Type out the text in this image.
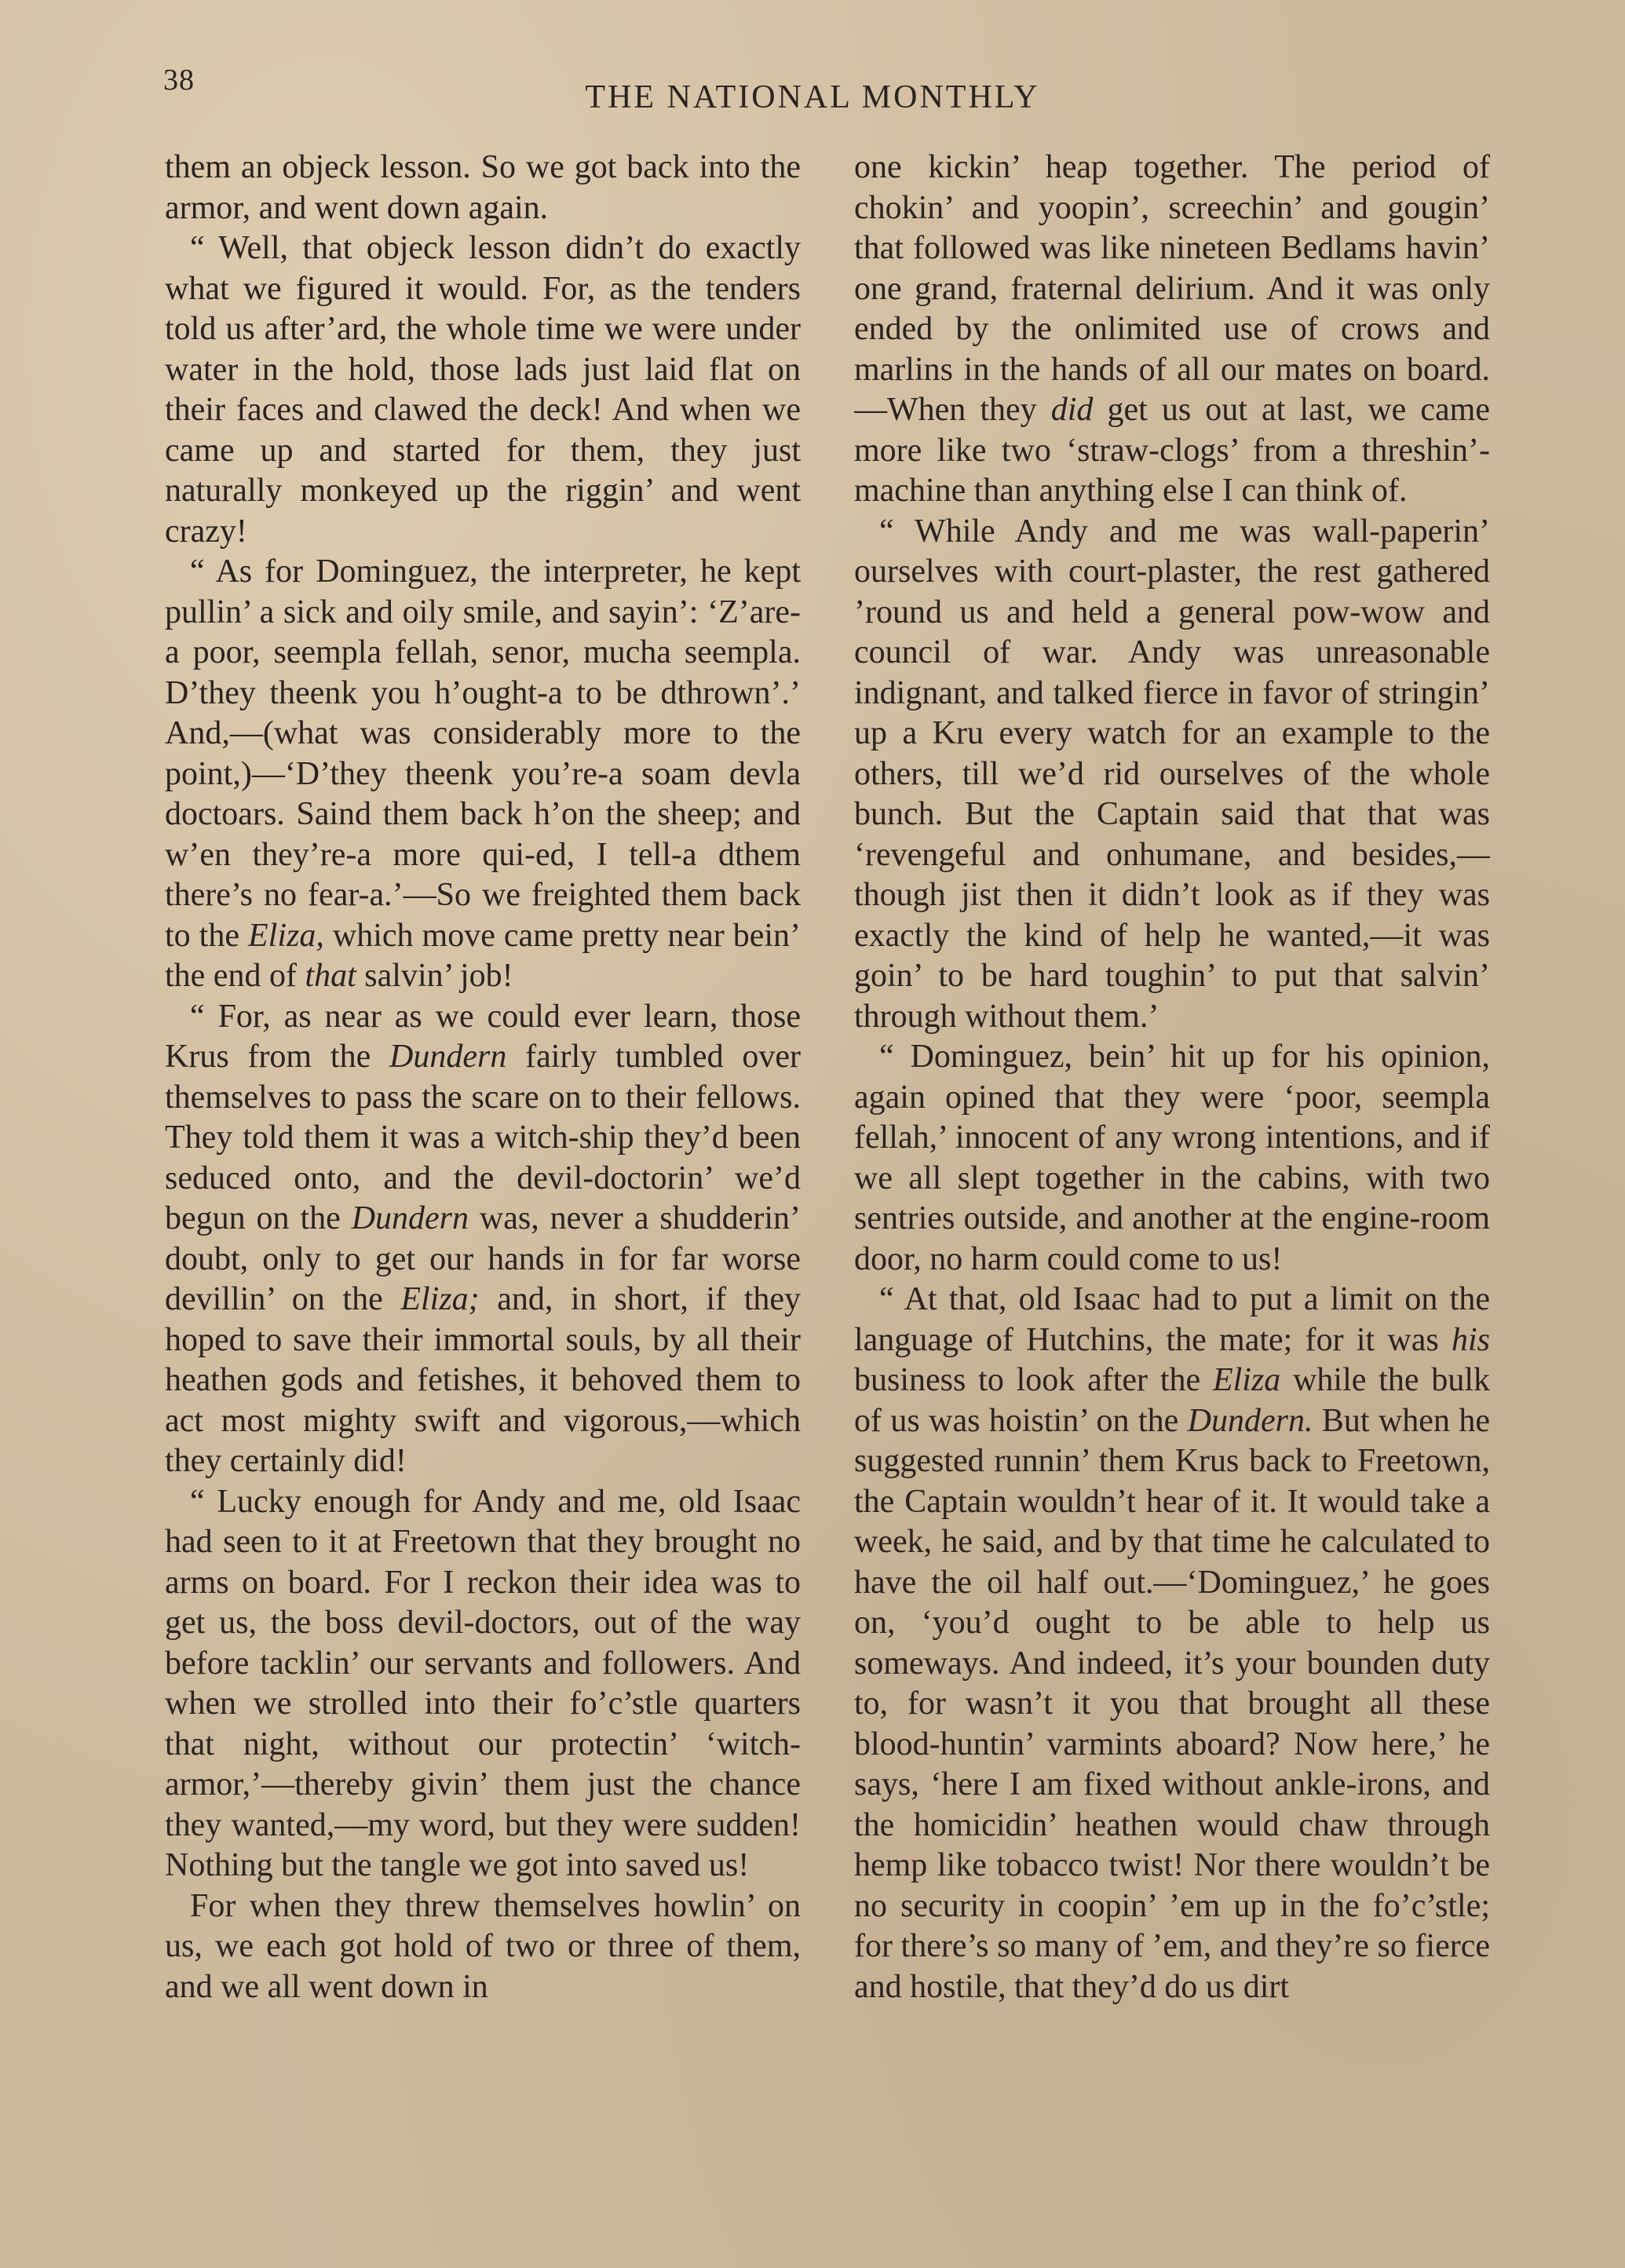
38	THE NATIONAL MONTHLY

them an objeck lesson. So we got back into the armor, and went down again.

“ Well, that objeck lesson didn’t do exactly what we figured it would. For, as the tenders told us after’ard, the whole time we were under water in the hold, those lads just laid flat on their faces and clawed the deck! And when we came up and started for them, they just naturally monkeyed up the riggin’ and went crazy!

“ As for Dominguez, the interpreter, he kept pullin’ a sick and oily smile, and sayin’: ‘Z’are-a poor, seempla fellah, senor, mucha seempla. D’they theenk you h’ought-a to be dthrown’.’ And,—(what was considerably more to the point,)—‘D’they theenk you’re-a soam devla doctoars. Saind them back h’on the sheep; and w’en they’re-a more qui-ed, I tell-a dthem there’s no fear-a.’—So we freighted them back to the Eliza, which move came pretty near bein’ the end of that salvin’ job!

“ For, as near as we could ever learn, those Krus from the Dundern fairly tumbled over themselves to pass the scare on to their fellows. They told them it was a witch-ship they’d been seduced onto, and the devil-doctorin’ we’d begun on the Dundern was, never a shudderin’ doubt, only to get our hands in for far worse devillin’ on the Eliza; and, in short, if they hoped to save their immortal souls, by all their heathen gods and fetishes, it behoved them to act most mighty swift and vigorous,—which they certainly did!

“ Lucky enough for Andy and me, old Isaac had seen to it at Freetown that they brought no arms on board. For I reckon their idea was to get us, the boss devil-doctors, out of the way before tacklin’ our servants and followers. And when we strolled into their fo’c’stle quarters that night, without our protectin’ ‘witch-armor,’—thereby givin’ them just the chance they wanted,—my word, but they were sudden! Nothing but the tangle we got into saved us!

For when they threw themselves howlin’ on us, we each got hold of two or three of them, and we all went down in

one kickin’ heap together. The period of chokin’ and yoopin’, screechin’ and gougin’ that followed was like nineteen Bedlams havin’ one grand, fraternal delirium. And it was only ended by the onlimited use of crows and marlins in the hands of all our mates on board.—When they did get us out at last, we came more like two ‘straw-clogs’ from a threshin’-machine than anything else I can think of.

“ While Andy and me was wall-paperin’ ourselves with court-plaster, the rest gathered ’round us and held a general pow-wow and council of war. Andy was unreasonable indignant, and talked fierce in favor of stringin’ up a Kru every watch for an example to the others, till we’d rid ourselves of the whole bunch. But the Captain said that that was ‘revengeful and onhumane, and besides,—though jist then it didn’t look as if they was exactly the kind of help he wanted,—it was goin’ to be hard toughin’ to put that salvin’ through without them.’

“ Dominguez, bein’ hit up for his opinion, again opined that they were ‘poor, seempla fellah,’ innocent of any wrong intentions, and if we all slept together in the cabins, with two sentries outside, and another at the engine-room door, no harm could come to us!

“ At that, old Isaac had to put a limit on the language of Hutchins, the mate; for it was his business to look after the Eliza while the bulk of us was hoistin’ on the Dundern. But when he suggested runnin’ them Krus back to Freetown, the Captain wouldn’t hear of it. It would take a week, he said, and by that time he calculated to have the oil half out.—‘Dominguez,’ he goes on, ‘you’d ought to be able to help us someways. And indeed, it’s your bounden duty to, for wasn’t it you that brought all these blood-huntin’ varmints aboard? Now here,’ he says, ‘here I am fixed without ankle-irons, and the homicidin’ heathen would chaw through hemp like tobacco twist! Nor there wouldn’t be no security in coopin’ ’em up in the fo’c’stle; for there’s so many of ’em, and they’re so fierce and hostile, that they’d do us dirt
